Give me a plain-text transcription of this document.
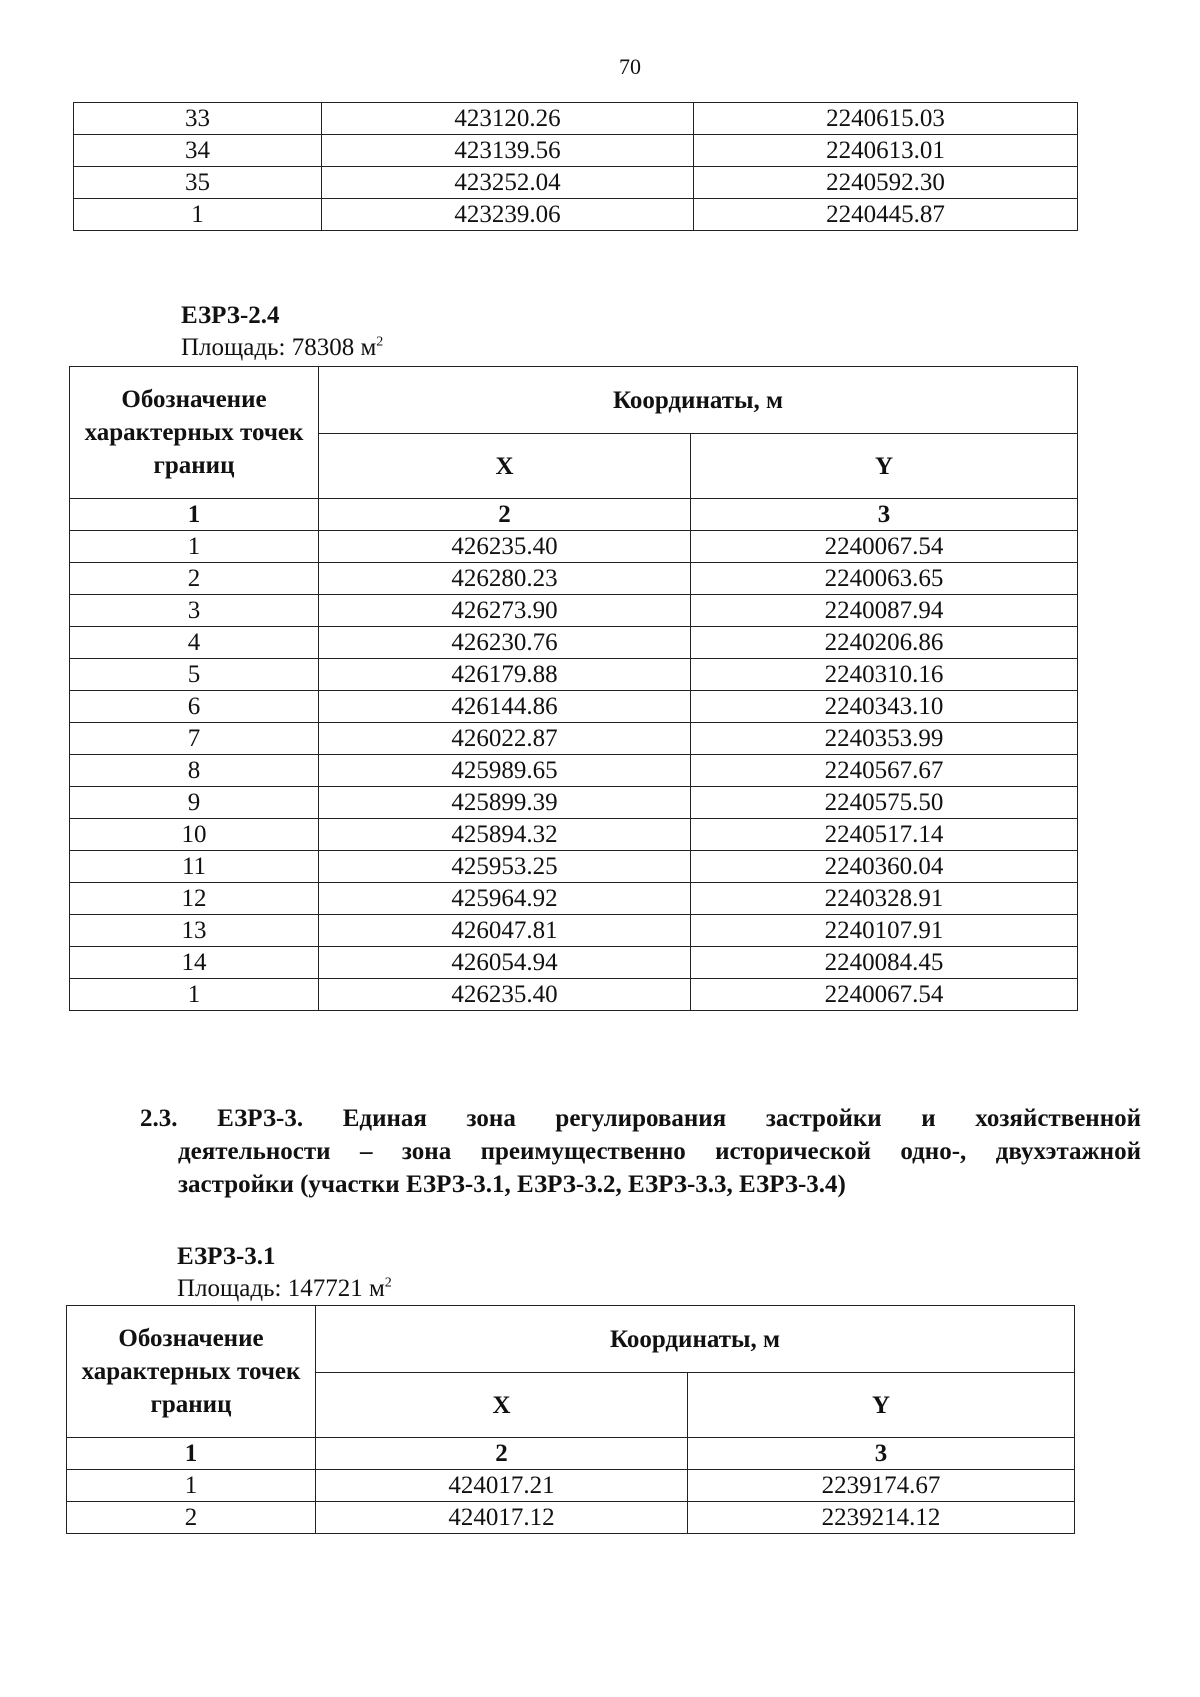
70
33	423120.26	2240615.03
34	423139.56	2240613.01
35	423252.04	2240592.30
1	423239.06	2240445.87
ЕЗРЗ-2.4
Площадь: 78308 $м^2$
Обозначение характерных точек границ	Координаты, м	
	X	Y
1	2	3
1	426235.40	2240067.54
2	426280.23	2240063.65
3	426273.90	2240087.94
4	426230.76	2240206.86
5	426179.88	2240310.16
6	426144.86	2240343.10
7	426022.87	2240353.99
8	425989.65	2240567.67
9	425899.39	2240575.50
10	425894.32	2240517.14
11	425953.25	2240360.04
12	425964.92	2240328.91
13	426047.81	2240107.91
14	426054.94	2240084.45
1	426235.40	2240067.54
2.3. ЕЗРЗ-3. Единая зона регулирования застройки и хозяйственной
деятельности – зона преимущественно исторической одно-, двухэтажной
застройки (участки ЕЗРЗ-3.1, ЕЗРЗ-3.2, ЕЗРЗ-3.3, ЕЗРЗ-3.4)
ЕЗРЗ-3.1
Площадь: 147721 $м^2$
Обозначение характерных точек границ	Координаты, м	
	X	Y
1	2	3
1	424017.21	2239174.67
2	424017.12	2239214.12
